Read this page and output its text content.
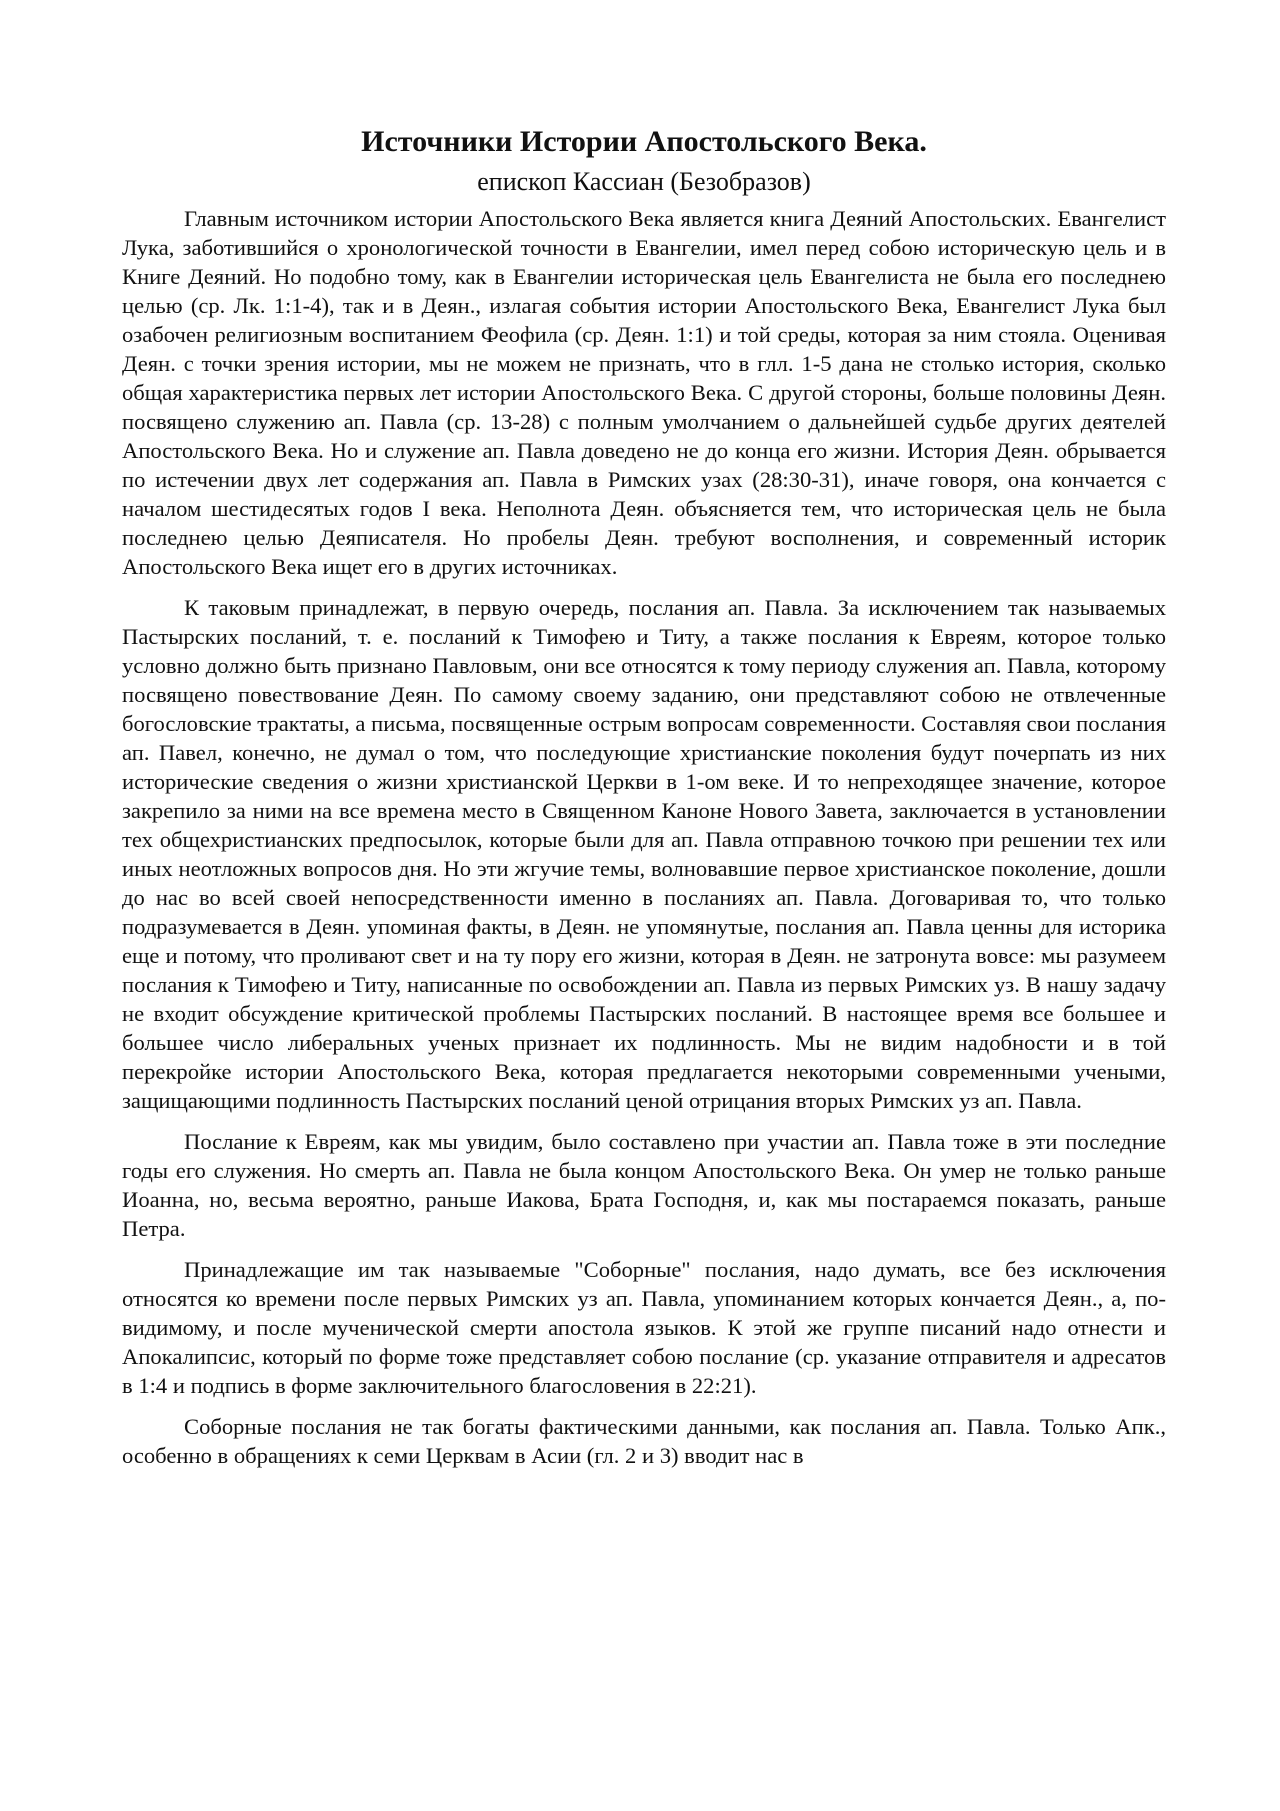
Источники Истории Апостольского Века.
епископ Кассиан (Безобразов)

Главным источником истории Апостольского Века является книга Деяний Апостольских. Евангелист Лука, заботившийся о хронологической точности в Евангелии, имел перед собою историческую цель и в Книге Деяний. Но подобно тому, как в Евангелии историческая цель Евангелиста не была его последнею целью (ср. Лк. 1:1-4), так и в Деян., излагая события истории Апостольского Века, Евангелист Лука был озабочен религиозным воспитанием Феофила (ср. Деян. 1:1) и той среды, которая за ним стояла. Оценивая Деян. с точки зрения истории, мы не можем не признать, что в глл. 1-5 дана не столько история, сколько общая характеристика первых лет истории Апостольского Века. С другой стороны, больше половины Деян. посвящено служению ап. Павла (ср. 13-28) с полным умолчанием о дальнейшей судьбе других деятелей Апостольского Века. Но и служение ап. Павла доведено не до конца его жизни. История Деян. обрывается по истечении двух лет содержания ап. Павла в Римских узах (28:30-31), иначе говоря, она кончается с началом шестидесятых годов I века. Неполнота Деян. объясняется тем, что историческая цель не была последнею целью Деяписателя. Но пробелы Деян. требуют восполнения, и современный историк Апостольского Века ищет его в других источниках.

К таковым принадлежат, в первую очередь, послания ап. Павла. За исключением так называемых Пастырских посланий, т. е. посланий к Тимофею и Титу, а также послания к Евреям, которое только условно должно быть признано Павловым, они все относятся к тому периоду служения ап. Павла, которому посвящено повествование Деян. По самому своему заданию, они представляют собою не отвлеченные богословские трактаты, а письма, посвященные острым вопросам современности. Составляя свои послания ап. Павел, конечно, не думал о том, что последующие христианские поколения будут почерпать из них исторические сведения о жизни христианской Церкви в 1-ом веке. И то непреходящее значение, которое закрепило за ними на все времена место в Священном Каноне Нового Завета, заключается в установлении тех общехристианских предпосылок, которые были для ап. Павла отправною точкою при решении тех или иных неотложных вопросов дня. Но эти жгучие темы, волновавшие первое христианское поколение, дошли до нас во всей своей непосредственности именно в посланиях ап. Павла. Договаривая то, что только подразумевается в Деян. упоминая факты, в Деян. не упомянутые, послания ап. Павла ценны для историка еще и потому, что проливают свет и на ту пору его жизни, которая в Деян. не затронута вовсе: мы разумеем послания к Тимофею и Титу, написанные по освобождении ап. Павла из первых Римских уз. В нашу задачу не входит обсуждение критической проблемы Пастырских посланий. В настоящее время все большее и большее число либеральных ученых признает их подлинность. Мы не видим надобности и в той перекройке истории Апостольского Века, которая предлагается некоторыми современными учеными, защищающими подлинность Пастырских посланий ценой отрицания вторых Римских уз ап. Павла.

Послание к Евреям, как мы увидим, было составлено при участии ап. Павла тоже в эти последние годы его служения. Но смерть ап. Павла не была концом Апостольского Века. Он умер не только раньше Иоанна, но, весьма вероятно, раньше Иакова, Брата Господня, и, как мы постараемся показать, раньше Петра.

Принадлежащие им так называемые "Соборные" послания, надо думать, все без исключения относятся ко времени после первых Римских уз ап. Павла, упоминанием которых кончается Деян., а, по-видимому, и после мученической смерти апостола языков. К этой же группе писаний надо отнести и Апокалипсис, который по форме тоже представляет собою послание (ср. указание отправителя и адресатов в 1:4 и подпись в форме заключительного благословения в 22:21).

Соборные послания не так богаты фактическими данными, как послания ап. Павла. Только Апк., особенно в обращениях к семи Церквам в Асии (гл. 2 и 3) вводит нас в
